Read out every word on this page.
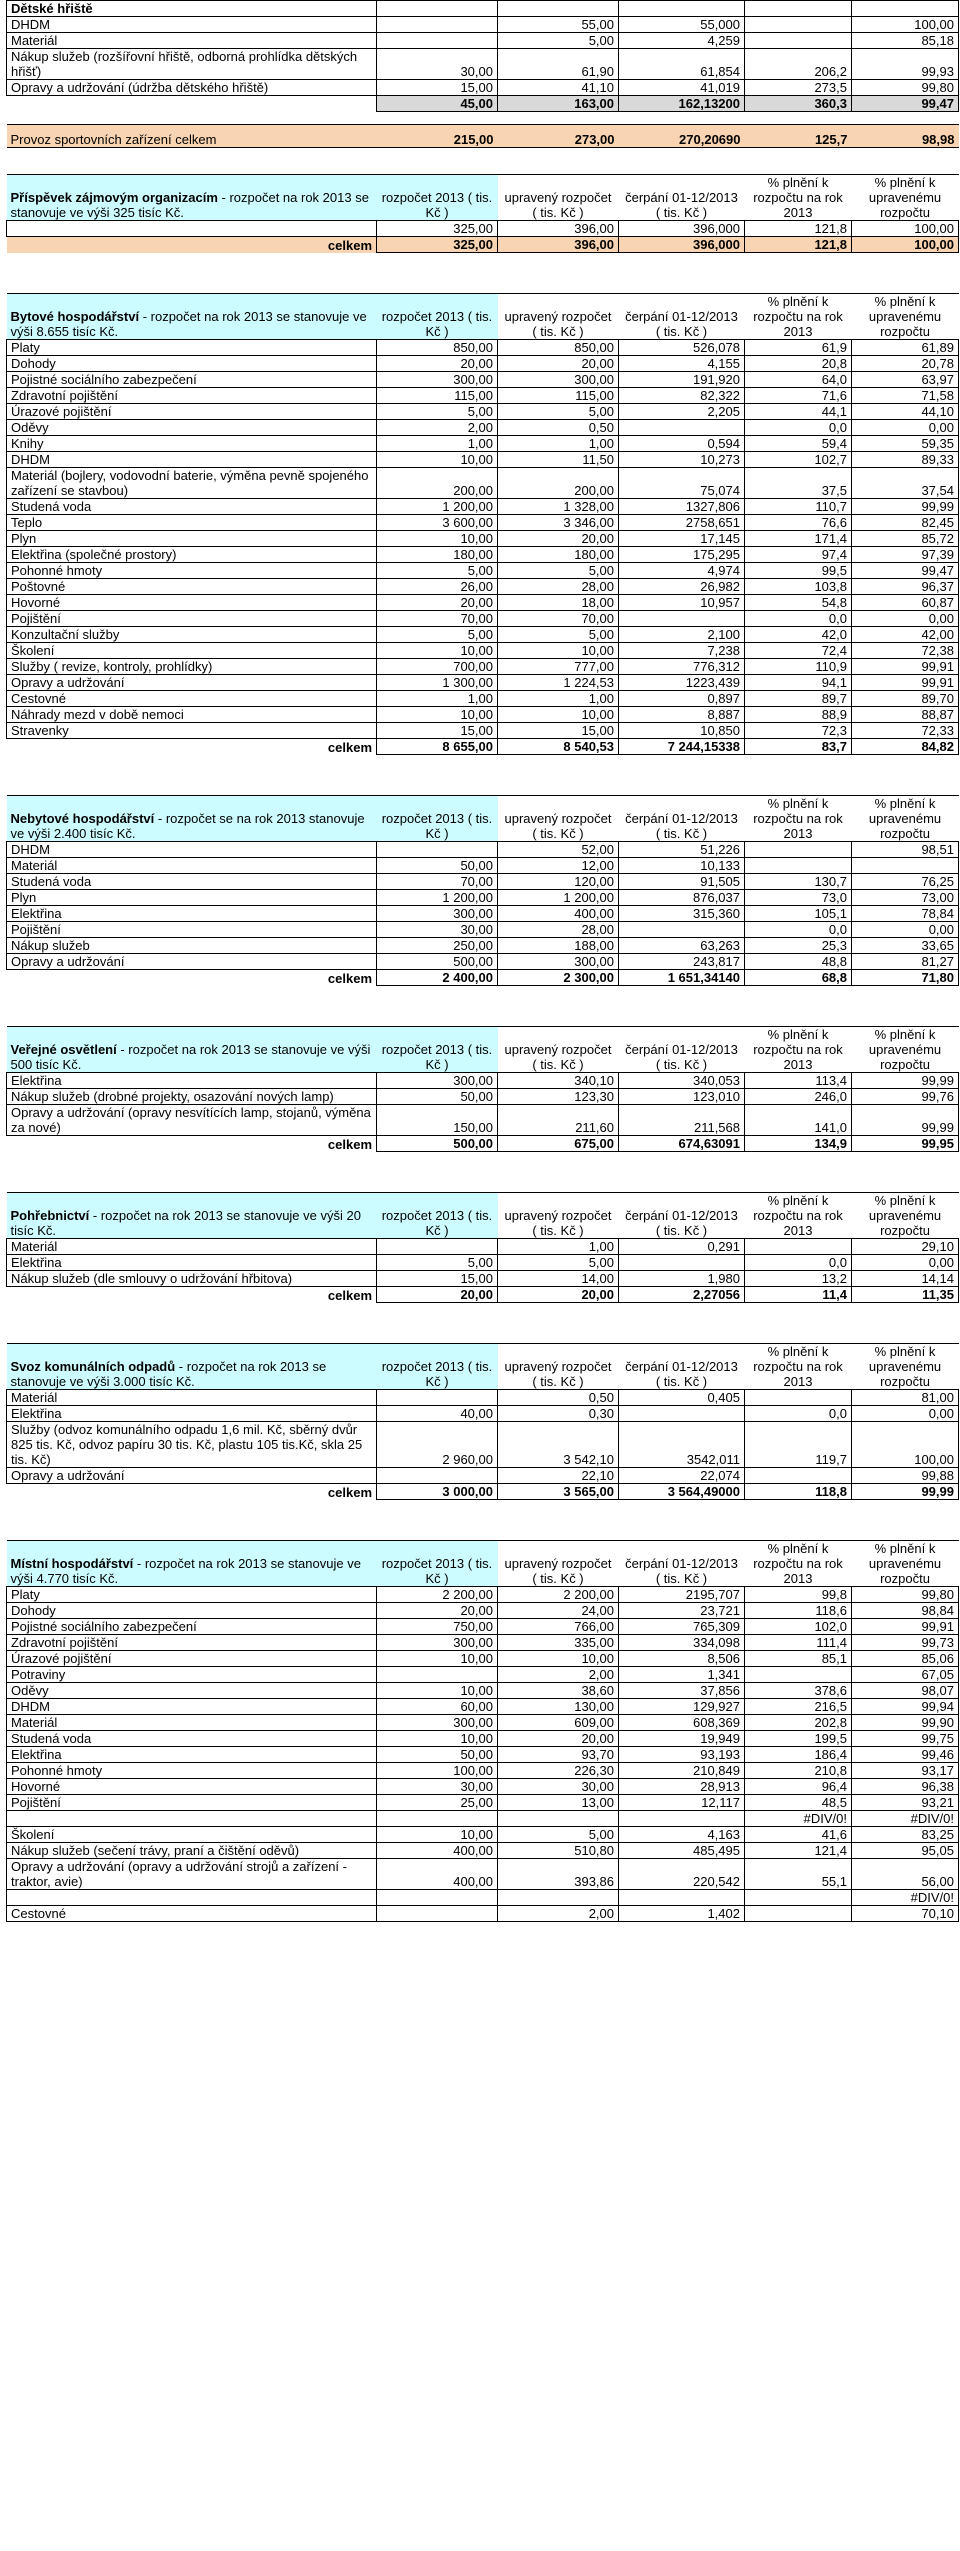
Dětské hřiště					
DHDM		55,00	55,000		100,00
Materiál		5,00	4,259		85,18
Nákup služeb (rozšířovní hřiště, odborná prohlídka dětských hřišť)	30,00	61,90	61,854	206,2	99,93
Opravy a udržování (údržba dětského hřiště)	15,00	41,10	41,019	273,5	99,80
	45,00	163,00	162,13200	360,3	99,47

Provoz sportovních zařízení celkem	215,00	273,00	270,20690	125,7	98,98

Příspěvek zájmovým organizacím - rozpočet na rok 2013 se stanovuje ve výši 325 tisíc Kč.	rozpočet 2013 ( tis. Kč )	upravený rozpočet ( tis. Kč )	čerpání 01-12/2013 ( tis. Kč )	% plnění k rozpočtu na rok 2013	% plnění k upravenému rozpočtu
	325,00	396,00	396,000	121,8	100,00
celkem	325,00	396,00	396,000	121,8	100,00

Bytové hospodářství - rozpočet na rok 2013 se stanovuje ve výši 8.655 tisíc Kč.	rozpočet 2013 ( tis. Kč )	upravený rozpočet ( tis. Kč )	čerpání 01-12/2013 ( tis. Kč )	% plnění k rozpočtu na rok 2013	% plnění k upravenému rozpočtu
Platy	850,00	850,00	526,078	61,9	61,89
Dohody	20,00	20,00	4,155	20,8	20,78
Pojistné sociálního zabezpečení	300,00	300,00	191,920	64,0	63,97
Zdravotní pojištění	115,00	115,00	82,322	71,6	71,58
Úrazové pojištění	5,00	5,00	2,205	44,1	44,10
Oděvy	2,00	0,50		0,0	0,00
Knihy	1,00	1,00	0,594	59,4	59,35
DHDM	10,00	11,50	10,273	102,7	89,33
Materiál (bojlery, vodovodní baterie, výměna pevně spojeného zařízení se stavbou)	200,00	200,00	75,074	37,5	37,54
Studená voda	1 200,00	1 328,00	1327,806	110,7	99,99
Teplo	3 600,00	3 346,00	2758,651	76,6	82,45
Plyn	10,00	20,00	17,145	171,4	85,72
Elektřina (společné prostory)	180,00	180,00	175,295	97,4	97,39
Pohonné hmoty	5,00	5,00	4,974	99,5	99,47
Poštovné	26,00	28,00	26,982	103,8	96,37
Hovorné	20,00	18,00	10,957	54,8	60,87
Pojištění	70,00	70,00		0,0	0,00
Konzultační služby	5,00	5,00	2,100	42,0	42,00
Školení	10,00	10,00	7,238	72,4	72,38
Služby ( revize, kontroly, prohlídky)	700,00	777,00	776,312	110,9	99,91
Opravy a udržování	1 300,00	1 224,53	1223,439	94,1	99,91
Cestovné	1,00	1,00	0,897	89,7	89,70
Náhrady mezd v době nemoci	10,00	10,00	8,887	88,9	88,87
Stravenky	15,00	15,00	10,850	72,3	72,33
celkem	8 655,00	8 540,53	7 244,15338	83,7	84,82

Nebytové hospodářství - rozpočet se na rok 2013 stanovuje ve výši 2.400 tisíc Kč.	rozpočet 2013 ( tis. Kč )	upravený rozpočet ( tis. Kč )	čerpání 01-12/2013 ( tis. Kč )	% plnění k rozpočtu na rok 2013	% plnění k upravenému rozpočtu
DHDM		52,00	51,226		98,51
Materiál	50,00	12,00	10,133		
Studená voda	70,00	120,00	91,505	130,7	76,25
Plyn	1 200,00	1 200,00	876,037	73,0	73,00
Elektřina	300,00	400,00	315,360	105,1	78,84
Pojištění	30,00	28,00		0,0	0,00
Nákup služeb	250,00	188,00	63,263	25,3	33,65
Opravy a udržování	500,00	300,00	243,817	48,8	81,27
celkem	2 400,00	2 300,00	1 651,34140	68,8	71,80

Veřejné osvětlení - rozpočet na rok 2013 se stanovuje ve výši 500 tisíc Kč.	rozpočet 2013 ( tis. Kč )	upravený rozpočet ( tis. Kč )	čerpání 01-12/2013 ( tis. Kč )	% plnění k rozpočtu na rok 2013	% plnění k upravenému rozpočtu
Elektřina	300,00	340,10	340,053	113,4	99,99
Nákup služeb (drobné projekty, osazování nových lamp)	50,00	123,30	123,010	246,0	99,76
Opravy a udržování (opravy nesvítících lamp, stojanů, výměna za nové)	150,00	211,60	211,568	141,0	99,99
celkem	500,00	675,00	674,63091	134,9	99,95

Pohřebnictví - rozpočet na rok 2013 se stanovuje ve výši 20 tisíc Kč.	rozpočet 2013 ( tis. Kč )	upravený rozpočet ( tis. Kč )	čerpání 01-12/2013 ( tis. Kč )	% plnění k rozpočtu na rok 2013	% plnění k upravenému rozpočtu
Materiál		1,00	0,291		29,10
Elektřina	5,00	5,00		0,0	0,00
Nákup služeb (dle smlouvy o udržování hřbitova)	15,00	14,00	1,980	13,2	14,14
celkem	20,00	20,00	2,27056	11,4	11,35

Svoz komunálních odpadů - rozpočet na rok 2013 se stanovuje ve výši 3.000 tisíc Kč.	rozpočet 2013 ( tis. Kč )	upravený rozpočet ( tis. Kč )	čerpání 01-12/2013 ( tis. Kč )	% plnění k rozpočtu na rok 2013	% plnění k upravenému rozpočtu
Materiál		0,50	0,405		81,00
Elektřina	40,00	0,30		0,0	0,00
Služby (odvoz komunálního odpadu 1,6 mil. Kč, sběrný dvůr 825 tis. Kč, odvoz papíru 30 tis. Kč, plastu 105 tis.Kč, skla 25 tis. Kč)	2 960,00	3 542,10	3542,011	119,7	100,00
Opravy a udržování		22,10	22,074		99,88
celkem	3 000,00	3 565,00	3 564,49000	118,8	99,99

Místní hospodářství - rozpočet na rok 2013 se stanovuje ve výši 4.770 tisíc Kč.	rozpočet 2013 ( tis. Kč )	upravený rozpočet ( tis. Kč )	čerpání 01-12/2013 ( tis. Kč )	% plnění k rozpočtu na rok 2013	% plnění k upravenému rozpočtu
Platy	2 200,00	2 200,00	2195,707	99,8	99,80
Dohody	20,00	24,00	23,721	118,6	98,84
Pojistné sociálního zabezpečení	750,00	766,00	765,309	102,0	99,91
Zdravotní pojištění	300,00	335,00	334,098	111,4	99,73
Úrazové pojištění	10,00	10,00	8,506	85,1	85,06
Potraviny		2,00	1,341		67,05
Oděvy	10,00	38,60	37,856	378,6	98,07
DHDM	60,00	130,00	129,927	216,5	99,94
Materiál	300,00	609,00	608,369	202,8	99,90
Studená voda	10,00	20,00	19,949	199,5	99,75
Elektřina	50,00	93,70	93,193	186,4	99,46
Pohonné hmoty	100,00	226,30	210,849	210,8	93,17
Hovorné	30,00	30,00	28,913	96,4	96,38
Pojištění	25,00	13,00	12,117	48,5	93,21
				#DIV/0!	#DIV/0!
Školení	10,00	5,00	4,163	41,6	83,25
Nákup služeb (sečení trávy, praní a čištění oděvů)	400,00	510,80	485,495	121,4	95,05
Opravy a udržování (opravy a udržování strojů a zařízení - traktor, avie)	400,00	393,86	220,542	55,1	56,00
					#DIV/0!
Cestovné		2,00	1,402		70,10
